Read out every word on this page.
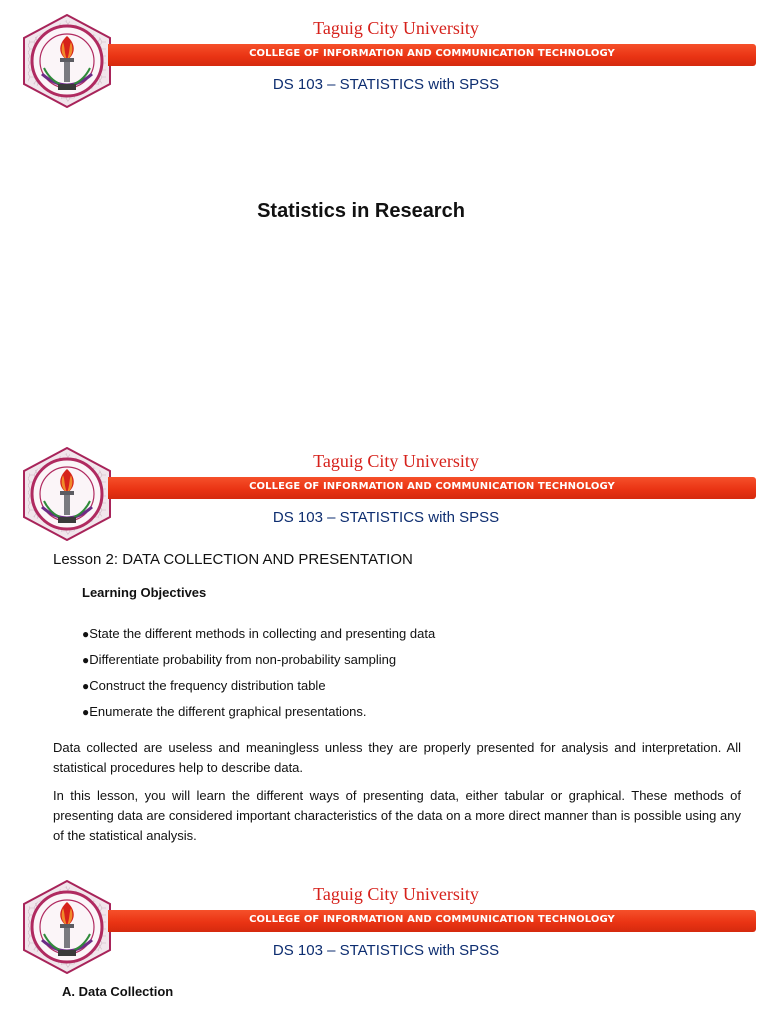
Taguig City University
COLLEGE OF INFORMATION AND COMMUNICATION TECHNOLOGY
DS 103 – STATISTICS with SPSS
Statistics in Research
Taguig City University
COLLEGE OF INFORMATION AND COMMUNICATION TECHNOLOGY
DS 103 – STATISTICS with SPSS
Lesson 2: DATA COLLECTION AND PRESENTATION
Learning Objectives
●State the different methods in collecting and presenting data
●Differentiate probability from non-probability sampling
●Construct the frequency distribution table
●Enumerate the different graphical presentations.

Data collected are useless and meaningless unless they are properly presented for analysis and interpretation. All statistical procedures help to describe data.

In this lesson, you will learn the different ways of presenting data, either tabular or graphical. These methods of presenting data are considered important characteristics of the data on a more direct manner than is possible using any of the statistical analysis.

Taguig City University
COLLEGE OF INFORMATION AND COMMUNICATION TECHNOLOGY
DS 103 – STATISTICS with SPSS
A. Data Collection
